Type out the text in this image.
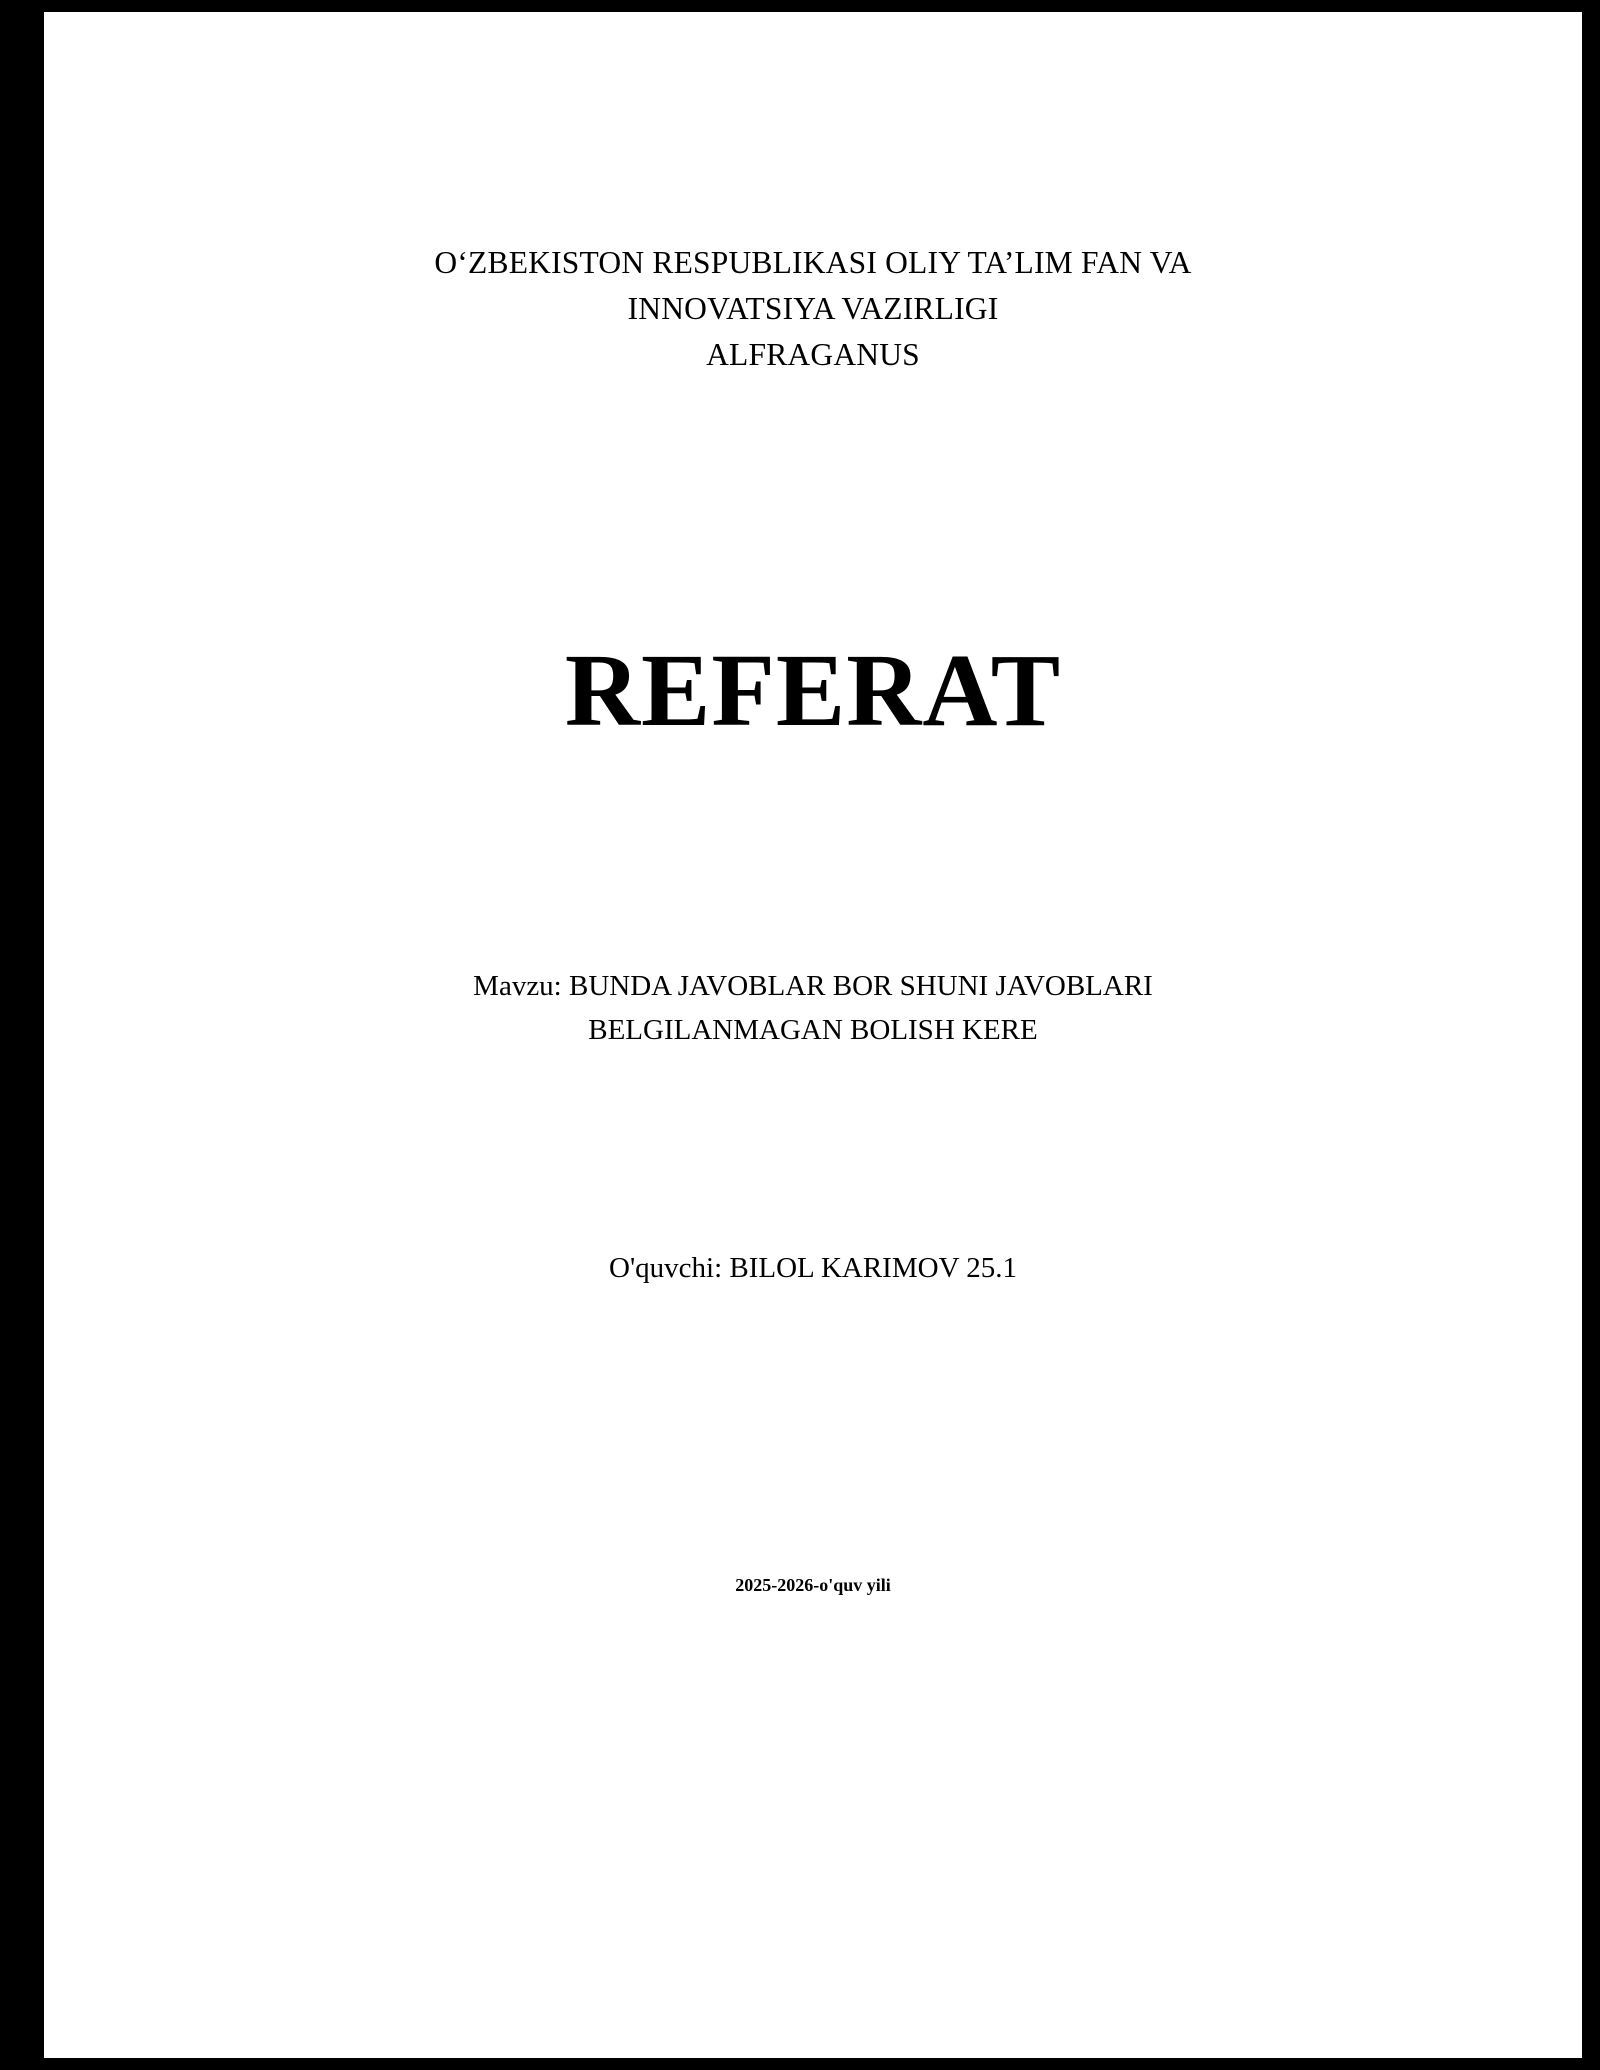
O‘ZBEKISTON RESPUBLIKASI OLIY TA’LIM FAN VA
INNOVATSIYA VAZIRLIGI
ALFRAGANUS
REFERAT
Mavzu: BUNDA JAVOBLAR BOR SHUNI JAVOBLARI
BELGILANMAGAN BOLISH KERE
O'quvchi: BILOL KARIMOV 25.1
2025-2026-o'quv yili
